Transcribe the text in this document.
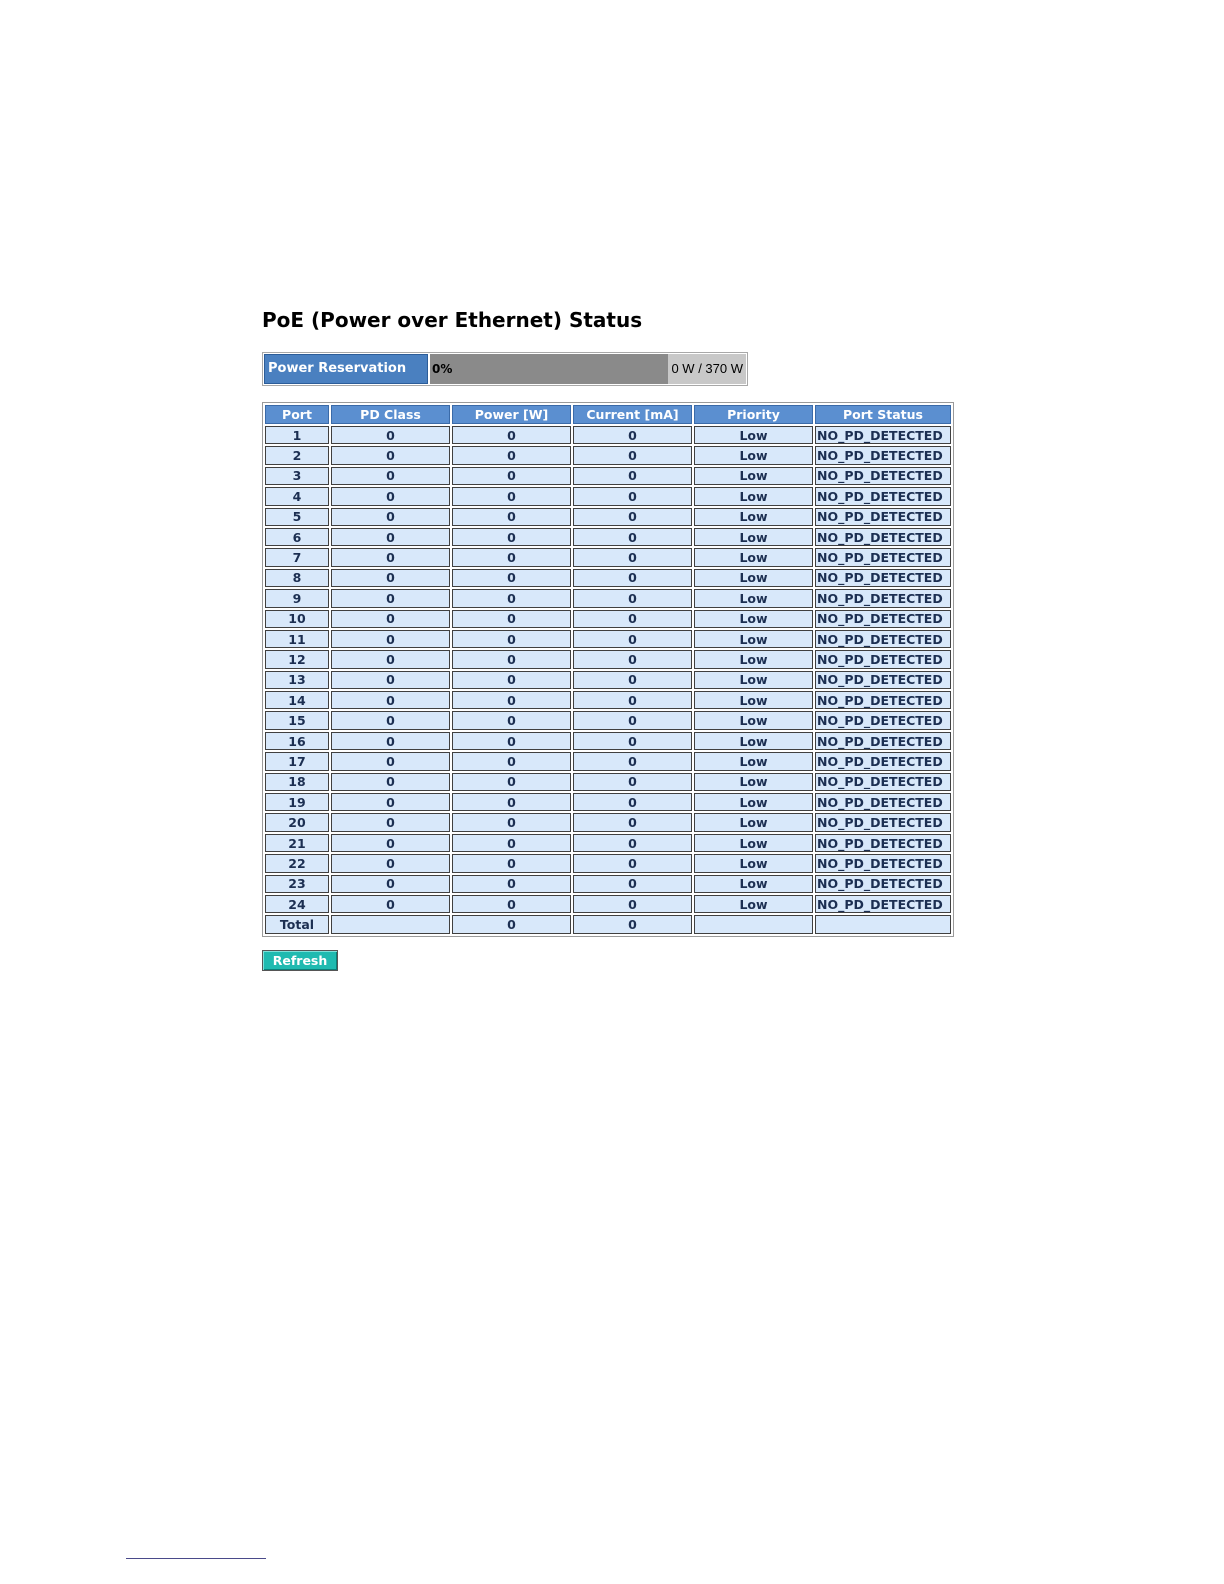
PoE (Power over Ethernet) Status
Power Reservation	0%	0 W / 370 W
Port	PD Class	Power [W]	Current [mA]	Priority	Port Status
1	0	0	0	Low	NO_PD_DETECTED
2	0	0	0	Low	NO_PD_DETECTED
3	0	0	0	Low	NO_PD_DETECTED
4	0	0	0	Low	NO_PD_DETECTED
5	0	0	0	Low	NO_PD_DETECTED
6	0	0	0	Low	NO_PD_DETECTED
7	0	0	0	Low	NO_PD_DETECTED
8	0	0	0	Low	NO_PD_DETECTED
9	0	0	0	Low	NO_PD_DETECTED
10	0	0	0	Low	NO_PD_DETECTED
11	0	0	0	Low	NO_PD_DETECTED
12	0	0	0	Low	NO_PD_DETECTED
13	0	0	0	Low	NO_PD_DETECTED
14	0	0	0	Low	NO_PD_DETECTED
15	0	0	0	Low	NO_PD_DETECTED
16	0	0	0	Low	NO_PD_DETECTED
17	0	0	0	Low	NO_PD_DETECTED
18	0	0	0	Low	NO_PD_DETECTED
19	0	0	0	Low	NO_PD_DETECTED
20	0	0	0	Low	NO_PD_DETECTED
21	0	0	0	Low	NO_PD_DETECTED
22	0	0	0	Low	NO_PD_DETECTED
23	0	0	0	Low	NO_PD_DETECTED
24	0	0	0	Low	NO_PD_DETECTED
Total		0	0		
Refresh
